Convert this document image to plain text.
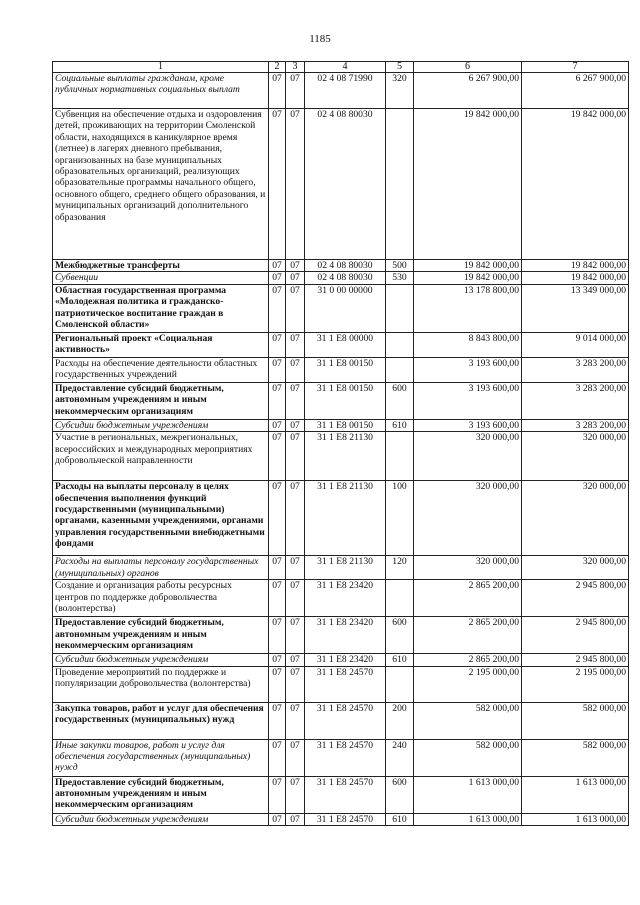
1185
1	2	3	4	5	6	7
Социальные выплаты гражданам, кроме публичных нормативных социальных выплат	07	07	02 4 08 71990	320	6 267 900,00	6 267 900,00
Субвенция на обеспечение отдыха и оздоровления детей, проживающих на территории Смоленской области, находящихся в каникулярное время (летнее) в лагерях дневного пребывания, организованных на базе муниципальных образовательных организаций, реализующих образовательные программы начального общего, основного общего, среднего общего образования, и муниципальных организаций дополнительного образования	07	07	02 4 08 80030		19 842 000,00	19 842 000,00
Межбюджетные трансферты	07	07	02 4 08 80030	500	19 842 000,00	19 842 000,00
Субвенции	07	07	02 4 08 80030	530	19 842 000,00	19 842 000,00
Областная государственная программа «Молодежная политика и гражданско-патриотическое воспитание граждан в Смоленской области»	07	07	31 0 00 00000		13 178 800,00	13 349 000,00
Региональный проект «Социальная активность»	07	07	31 1 E8 00000		8 843 800,00	9 014 000,00
Расходы на обеспечение деятельности областных государственных учреждений	07	07	31 1 E8 00150		3 193 600,00	3 283 200,00
Предоставление субсидий бюджетным, автономным учреждениям и иным некоммерческим организациям	07	07	31 1 E8 00150	600	3 193 600,00	3 283 200,00
Субсидии бюджетным учреждениям	07	07	31 1 E8 00150	610	3 193 600,00	3 283 200,00
Участие в региональных, межрегиональных, всероссийских и международных мероприятиях добровольческой направленности	07	07	31 1 E8 21130		320 000,00	320 000,00
Расходы на выплаты персоналу в целях обеспечения выполнения функций государственными (муниципальными) органами, казенными учреждениями, органами управления государственными внебюджетными фондами	07	07	31 1 E8 21130	100	320 000,00	320 000,00
Расходы на выплаты персоналу государственных (муниципальных) органов	07	07	31 1 E8 21130	120	320 000,00	320 000,00
Создание и организация работы ресурсных центров по поддержке добровольчества (волонтерства)	07	07	31 1 E8 23420		2 865 200,00	2 945 800,00
Предоставление субсидий бюджетным, автономным учреждениям и иным некоммерческим организациям	07	07	31 1 E8 23420	600	2 865 200,00	2 945 800,00
Субсидии бюджетным учреждениям	07	07	31 1 E8 23420	610	2 865 200,00	2 945 800,00
Проведение мероприятий по поддержке и популяризации добровольчества (волонтерства)	07	07	31 1 E8 24570		2 195 000,00	2 195 000,00
Закупка товаров, работ и услуг для обеспечения государственных (муниципальных) нужд	07	07	31 1 E8 24570	200	582 000,00	582 000,00
Иные закупки товаров, работ и услуг для обеспечения государственных (муниципальных) нужд	07	07	31 1 E8 24570	240	582 000,00	582 000,00
Предоставление субсидий бюджетным, автономным учреждениям и иным некоммерческим организациям	07	07	31 1 E8 24570	600	1 613 000,00	1 613 000,00
Субсидии бюджетным учреждениям	07	07	31 1 E8 24570	610	1 613 000,00	1 613 000,00
